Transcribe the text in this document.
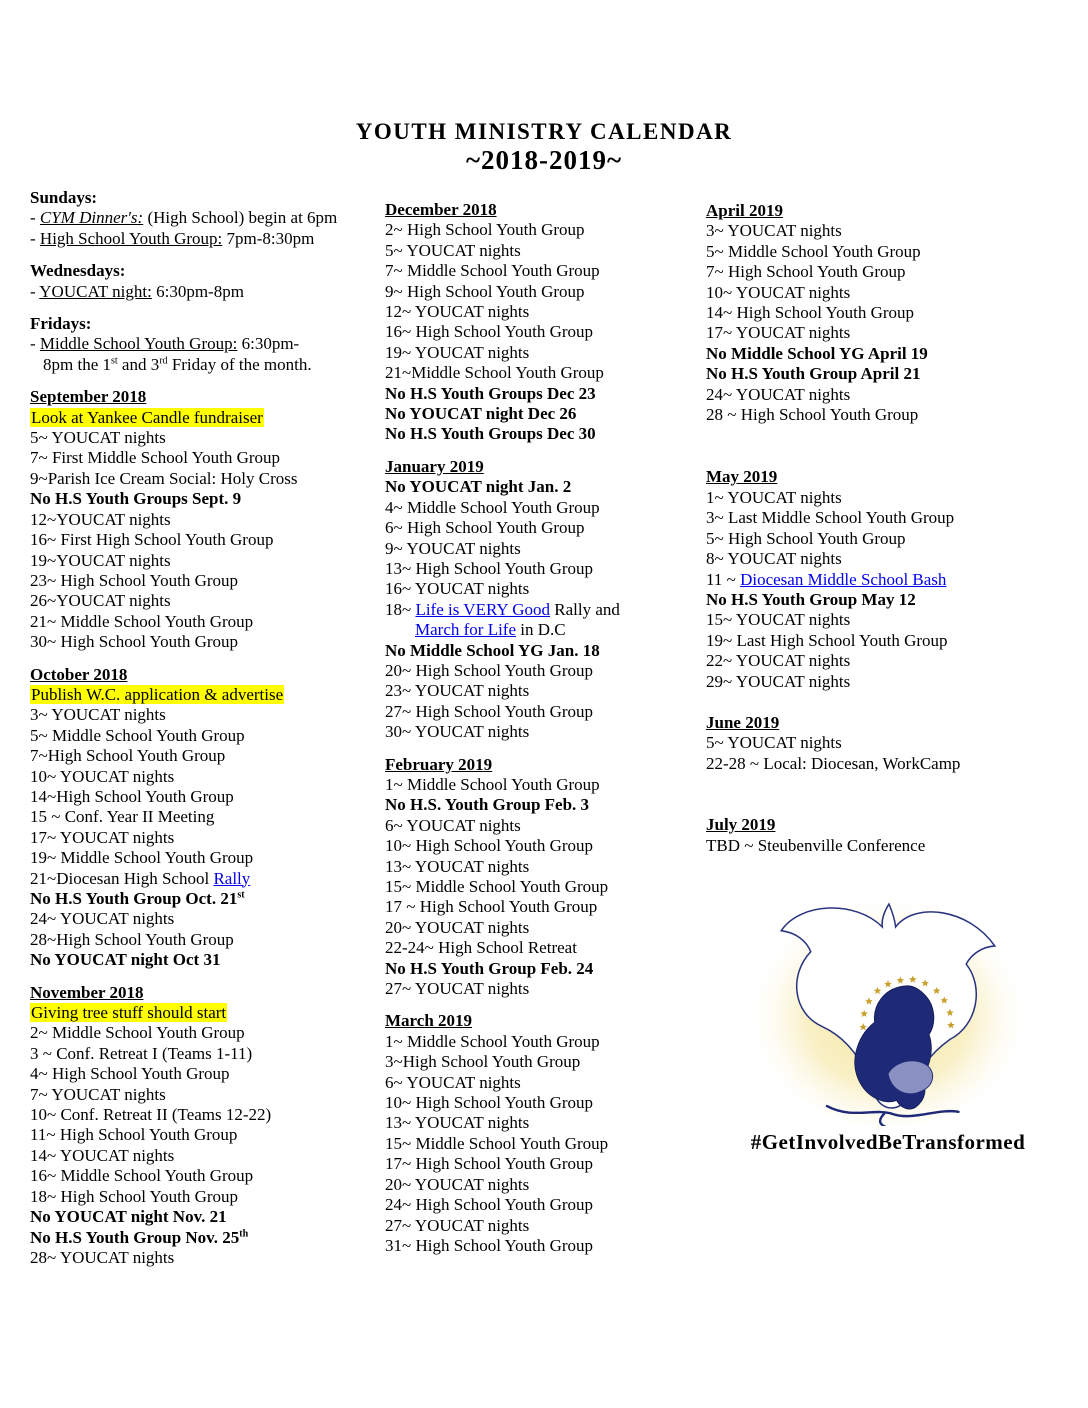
YOUTH MINISTRY CALENDAR
~2018-2019~
Sundays:
- CYM Dinner's: (High School) begin at 6pm
- High School Youth Group: 7pm-8:30pm
Wednesdays:
- YOUCAT night: 6:30pm-8pm
Fridays:
- Middle School Youth Group: 6:30pm-
8pm the 1st and 3rd Friday of the month.
September 2018
Look at Yankee Candle fundraiser
5~ YOUCAT nights
7~ First Middle School Youth Group
9~Parish Ice Cream Social: Holy Cross
No H.S Youth Groups Sept. 9
12~YOUCAT nights
16~ First High School Youth Group
19~YOUCAT nights
23~ High School Youth Group
26~YOUCAT nights
21~ Middle School Youth Group
30~ High School Youth Group
October 2018
Publish W.C. application & advertise
3~ YOUCAT nights
5~ Middle School Youth Group
7~High School Youth Group
10~ YOUCAT nights
14~High School Youth Group
15 ~ Conf. Year II Meeting
17~ YOUCAT nights
19~ Middle School Youth Group
21~Diocesan High School Rally
No H.S Youth Group Oct. 21st
24~ YOUCAT nights
28~High School Youth Group
No YOUCAT night Oct 31
November 2018
Giving tree stuff should start
2~ Middle School Youth Group
3 ~ Conf. Retreat I (Teams 1-11)
4~ High School Youth Group
7~ YOUCAT nights
10~ Conf. Retreat II (Teams 12-22)
11~ High School Youth Group
14~ YOUCAT nights
16~ Middle School Youth Group
18~ High School Youth Group
No YOUCAT night Nov. 21
No H.S Youth Group Nov. 25th
28~ YOUCAT nights
December 2018
2~ High School Youth Group
5~ YOUCAT nights
7~ Middle School Youth Group
9~ High School Youth Group
12~ YOUCAT nights
16~ High School Youth Group
19~ YOUCAT nights
21~Middle School Youth Group
No H.S Youth Groups Dec 23
No YOUCAT night Dec 26
No H.S Youth Groups Dec 30
January 2019
No YOUCAT night Jan. 2
4~ Middle School Youth Group
6~ High School Youth Group
9~ YOUCAT nights
13~ High School Youth Group
16~ YOUCAT nights
18~ Life is VERY Good Rally and
March for Life in D.C
No Middle School YG Jan. 18
20~ High School Youth Group
23~ YOUCAT nights
27~ High School Youth Group
30~ YOUCAT nights
February 2019
1~ Middle School Youth Group
No H.S. Youth Group Feb. 3
6~ YOUCAT nights
10~ High School Youth Group
13~ YOUCAT nights
15~ Middle School Youth Group
17 ~ High School Youth Group
20~ YOUCAT nights
22-24~ High School Retreat
No H.S Youth Group Feb. 24
27~ YOUCAT nights
March 2019
1~ Middle School Youth Group
3~High School Youth Group
6~ YOUCAT nights
10~ High School Youth Group
13~ YOUCAT nights
15~ Middle School Youth Group
17~ High School Youth Group
20~ YOUCAT nights
24~ High School Youth Group
27~ YOUCAT nights
31~ High School Youth Group
April 2019
3~ YOUCAT nights
5~ Middle School Youth Group
7~ High School Youth Group
10~ YOUCAT nights
14~ High School Youth Group
17~ YOUCAT nights
No Middle School YG April 19
No H.S Youth Group April 21
24~ YOUCAT nights
28 ~ High School Youth Group
May 2019
1~ YOUCAT nights
3~ Last Middle School Youth Group
5~ High School Youth Group
8~ YOUCAT nights
11 ~ Diocesan Middle School Bash
No H.S Youth Group May 12
15~ YOUCAT nights
19~ Last High School Youth Group
22~ YOUCAT nights
29~ YOUCAT nights
June 2019
5~ YOUCAT nights
22-28 ~ Local: Diocesan, WorkCamp
July 2019
TBD ~ Steubenville Conference
#GetInvolvedBeTransformed
